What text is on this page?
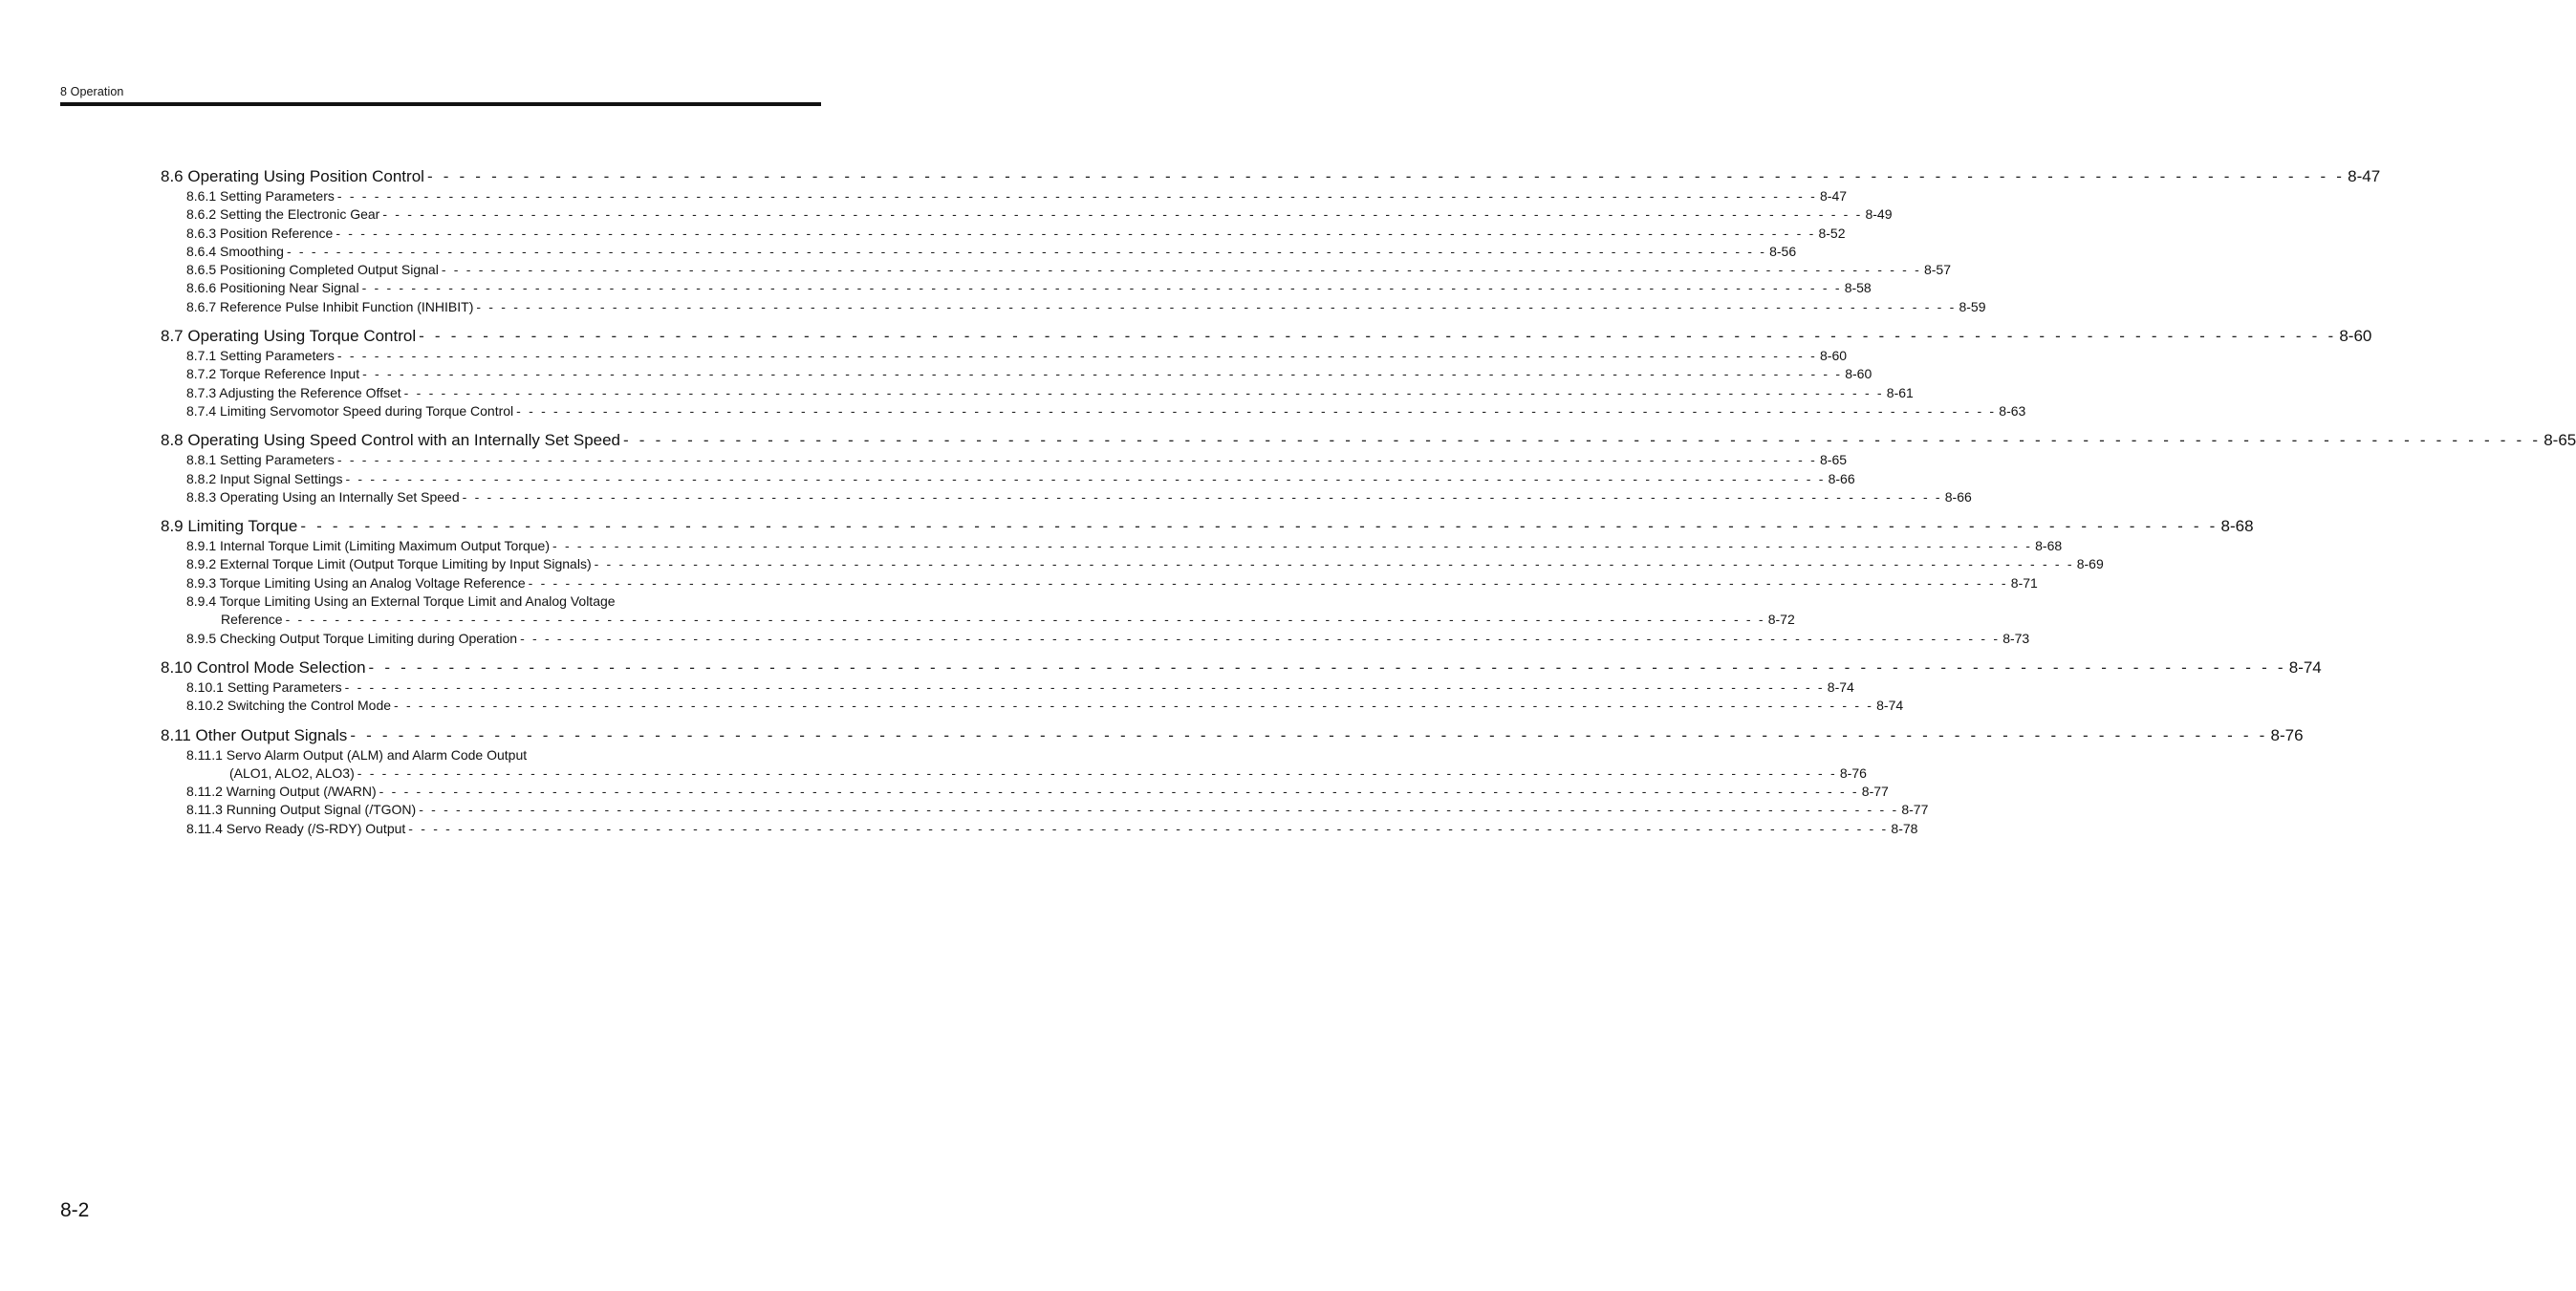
8 Operation
8.6 Operating Using Position Control - - - - - - - - - - - - - - - - - - - - - - - - - - - - - - - - - - - - - - - - - - - - - - - - - - - - - - - - - - - - - - - - - - - - - - - - - - - - - - - - - - - - - - - - - - - - - - - - - - - - - - - - - - - - - - - - - - - - - - - - 8-47
8.6.1 Setting Parameters - - - - - - - - - - - - - - - - - - - - - - - - - - - - - - - - - - - - - - - - - - - - - - - - - - - - - - - - - - - - - - - - - - - - - - - - - - - - - - - - - - - - - - - - - - - - - - - - - - - - - - - - - - - - - - - - - - - - - - - - 8-47
8.6.2 Setting the Electronic Gear - - - - - - - - - - - - - - - - - - - - - - - - - - - - - - - - - - - - - - - - - - - - - - - - - - - - - - - - - - - - - - - - - - - - - - - - - - - - - - - - - - - - - - - - - - - - - - - - - - - - - - - - - - - - - - - - - - - - - - - - 8-49
8.6.3 Position Reference - - - - - - - - - - - - - - - - - - - - - - - - - - - - - - - - - - - - - - - - - - - - - - - - - - - - - - - - - - - - - - - - - - - - - - - - - - - - - - - - - - - - - - - - - - - - - - - - - - - - - - - - - - - - - - - - - - - - - - - - 8-52
8.6.4 Smoothing - - - - - - - - - - - - - - - - - - - - - - - - - - - - - - - - - - - - - - - - - - - - - - - - - - - - - - - - - - - - - - - - - - - - - - - - - - - - - - - - - - - - - - - - - - - - - - - - - - - - - - - - - - - - - - - - - - - - - - - - 8-56
8.6.5 Positioning Completed Output Signal - - - - - - - - - - - - - - - - - - - - - - - - - - - - - - - - - - - - - - - - - - - - - - - - - - - - - - - - - - - - - - - - - - - - - - - - - - - - - - - - - - - - - - - - - - - - - - - - - - - - - - - - - - - - - - - - - - - - - - - - 8-57
8.6.6 Positioning Near Signal - - - - - - - - - - - - - - - - - - - - - - - - - - - - - - - - - - - - - - - - - - - - - - - - - - - - - - - - - - - - - - - - - - - - - - - - - - - - - - - - - - - - - - - - - - - - - - - - - - - - - - - - - - - - - - - - - - - - - - - - 8-58
8.6.7 Reference Pulse Inhibit Function (INHIBIT) - - - - - - - - - - - - - - - - - - - - - - - - - - - - - - - - - - - - - - - - - - - - - - - - - - - - - - - - - - - - - - - - - - - - - - - - - - - - - - - - - - - - - - - - - - - - - - - - - - - - - - - - - - - - - - - - - - - - - - - - 8-59
8.7 Operating Using Torque Control - - - - - - - - - - - - - - - - - - - - - - - - - - - - - - - - - - - - - - - - - - - - - - - - - - - - - - - - - - - - - - - - - - - - - - - - - - - - - - - - - - - - - - - - - - - - - - - - - - - - - - - - - - - - - - - - - - - - - - - - 8-60
8.7.1 Setting Parameters - - - - - - - - - - - - - - - - - - - - - - - - - - - - - - - - - - - - - - - - - - - - - - - - - - - - - - - - - - - - - - - - - - - - - - - - - - - - - - - - - - - - - - - - - - - - - - - - - - - - - - - - - - - - - - - - - - - - - - - - 8-60
8.7.2 Torque Reference Input - - - - - - - - - - - - - - - - - - - - - - - - - - - - - - - - - - - - - - - - - - - - - - - - - - - - - - - - - - - - - - - - - - - - - - - - - - - - - - - - - - - - - - - - - - - - - - - - - - - - - - - - - - - - - - - - - - - - - - - - 8-60
8.7.3 Adjusting the Reference Offset - - - - - - - - - - - - - - - - - - - - - - - - - - - - - - - - - - - - - - - - - - - - - - - - - - - - - - - - - - - - - - - - - - - - - - - - - - - - - - - - - - - - - - - - - - - - - - - - - - - - - - - - - - - - - - - - - - - - - - - - 8-61
8.7.4 Limiting Servomotor Speed during Torque Control - - - - - - - - - - - - - - - - - - - - - - - - - - - - - - - - - - - - - - - - - - - - - - - - - - - - - - - - - - - - - - - - - - - - - - - - - - - - - - - - - - - - - - - - - - - - - - - - - - - - - - - - - - - - - - - - - - - - - - - - 8-63
8.8 Operating Using Speed Control with an Internally Set Speed - - - - - - - - - - - - - - - - - - - - - - - - - - - - - - - - - - - - - - - - - - - - - - - - - - - - - - - - - - - - - - - - - - - - - - - - - - - - - - - - - - - - - - - - - - - - - - - - - - - - - - - - - - - - - - - - - - - - - - - - 8-65
8.8.1 Setting Parameters - - - - - - - - - - - - - - - - - - - - - - - - - - - - - - - - - - - - - - - - - - - - - - - - - - - - - - - - - - - - - - - - - - - - - - - - - - - - - - - - - - - - - - - - - - - - - - - - - - - - - - - - - - - - - - - - - - - - - - - - 8-65
8.8.2 Input Signal Settings - - - - - - - - - - - - - - - - - - - - - - - - - - - - - - - - - - - - - - - - - - - - - - - - - - - - - - - - - - - - - - - - - - - - - - - - - - - - - - - - - - - - - - - - - - - - - - - - - - - - - - - - - - - - - - - - - - - - - - - - 8-66
8.8.3 Operating Using an Internally Set Speed - - - - - - - - - - - - - - - - - - - - - - - - - - - - - - - - - - - - - - - - - - - - - - - - - - - - - - - - - - - - - - - - - - - - - - - - - - - - - - - - - - - - - - - - - - - - - - - - - - - - - - - - - - - - - - - - - - - - - - - - 8-66
8.9 Limiting Torque - - - - - - - - - - - - - - - - - - - - - - - - - - - - - - - - - - - - - - - - - - - - - - - - - - - - - - - - - - - - - - - - - - - - - - - - - - - - - - - - - - - - - - - - - - - - - - - - - - - - - - - - - - - - - - - - - - - - - - - - 8-68
8.9.1 Internal Torque Limit (Limiting Maximum Output Torque) - - - - - - - - - - - - - - - - - - - - - - - - - - - - - - - - - - - - - - - - - - - - - - - - - - - - - - - - - - - - - - - - - - - - - - - - - - - - - - - - - - - - - - - - - - - - - - - - - - - - - - - - - - - - - - - - - - - - - - - - 8-68
8.9.2 External Torque Limit (Output Torque Limiting by Input Signals) - - - - - - - - - - - - - - - - - - - - - - - - - - - - - - - - - - - - - - - - - - - - - - - - - - - - - - - - - - - - - - - - - - - - - - - - - - - - - - - - - - - - - - - - - - - - - - - - - - - - - - - - - - - - - - - - - - - - - - - - 8-69
8.9.3 Torque Limiting Using an Analog Voltage Reference - - - - - - - - - - - - - - - - - - - - - - - - - - - - - - - - - - - - - - - - - - - - - - - - - - - - - - - - - - - - - - - - - - - - - - - - - - - - - - - - - - - - - - - - - - - - - - - - - - - - - - - - - - - - - - - - - - - - - - - - 8-71
8.9.4 Torque Limiting Using an External Torque Limit and Analog Voltage
Reference - - - - - - - - - - - - - - - - - - - - - - - - - - - - - - - - - - - - - - - - - - - - - - - - - - - - - - - - - - - - - - - - - - - - - - - - - - - - - - - - - - - - - - - - - - - - - - - - - - - - - - - - - - - - - - - - - - - - - - - - 8-72
8.9.5 Checking Output Torque Limiting during Operation - - - - - - - - - - - - - - - - - - - - - - - - - - - - - - - - - - - - - - - - - - - - - - - - - - - - - - - - - - - - - - - - - - - - - - - - - - - - - - - - - - - - - - - - - - - - - - - - - - - - - - - - - - - - - - - - - - - - - - - - 8-73
8.10 Control Mode Selection - - - - - - - - - - - - - - - - - - - - - - - - - - - - - - - - - - - - - - - - - - - - - - - - - - - - - - - - - - - - - - - - - - - - - - - - - - - - - - - - - - - - - - - - - - - - - - - - - - - - - - - - - - - - - - - - - - - - - - - - 8-74
8.10.1 Setting Parameters - - - - - - - - - - - - - - - - - - - - - - - - - - - - - - - - - - - - - - - - - - - - - - - - - - - - - - - - - - - - - - - - - - - - - - - - - - - - - - - - - - - - - - - - - - - - - - - - - - - - - - - - - - - - - - - - - - - - - - - - 8-74
8.10.2 Switching the Control Mode - - - - - - - - - - - - - - - - - - - - - - - - - - - - - - - - - - - - - - - - - - - - - - - - - - - - - - - - - - - - - - - - - - - - - - - - - - - - - - - - - - - - - - - - - - - - - - - - - - - - - - - - - - - - - - - - - - - - - - - - 8-74
8.11 Other Output Signals - - - - - - - - - - - - - - - - - - - - - - - - - - - - - - - - - - - - - - - - - - - - - - - - - - - - - - - - - - - - - - - - - - - - - - - - - - - - - - - - - - - - - - - - - - - - - - - - - - - - - - - - - - - - - - - - - - - - - - - - 8-76
8.11.1 Servo Alarm Output (ALM) and Alarm Code Output
(ALO1, ALO2, ALO3) - - - - - - - - - - - - - - - - - - - - - - - - - - - - - - - - - - - - - - - - - - - - - - - - - - - - - - - - - - - - - - - - - - - - - - - - - - - - - - - - - - - - - - - - - - - - - - - - - - - - - - - - - - - - - - - - - - - - - - - - 8-76
8.11.2 Warning Output (/WARN) - - - - - - - - - - - - - - - - - - - - - - - - - - - - - - - - - - - - - - - - - - - - - - - - - - - - - - - - - - - - - - - - - - - - - - - - - - - - - - - - - - - - - - - - - - - - - - - - - - - - - - - - - - - - - - - - - - - - - - - - 8-77
8.11.3 Running Output Signal (/TGON) - - - - - - - - - - - - - - - - - - - - - - - - - - - - - - - - - - - - - - - - - - - - - - - - - - - - - - - - - - - - - - - - - - - - - - - - - - - - - - - - - - - - - - - - - - - - - - - - - - - - - - - - - - - - - - - - - - - - - - - - 8-77
8.11.4 Servo Ready (/S-RDY) Output - - - - - - - - - - - - - - - - - - - - - - - - - - - - - - - - - - - - - - - - - - - - - - - - - - - - - - - - - - - - - - - - - - - - - - - - - - - - - - - - - - - - - - - - - - - - - - - - - - - - - - - - - - - - - - - - - - - - - - - - 8-78
8-2
